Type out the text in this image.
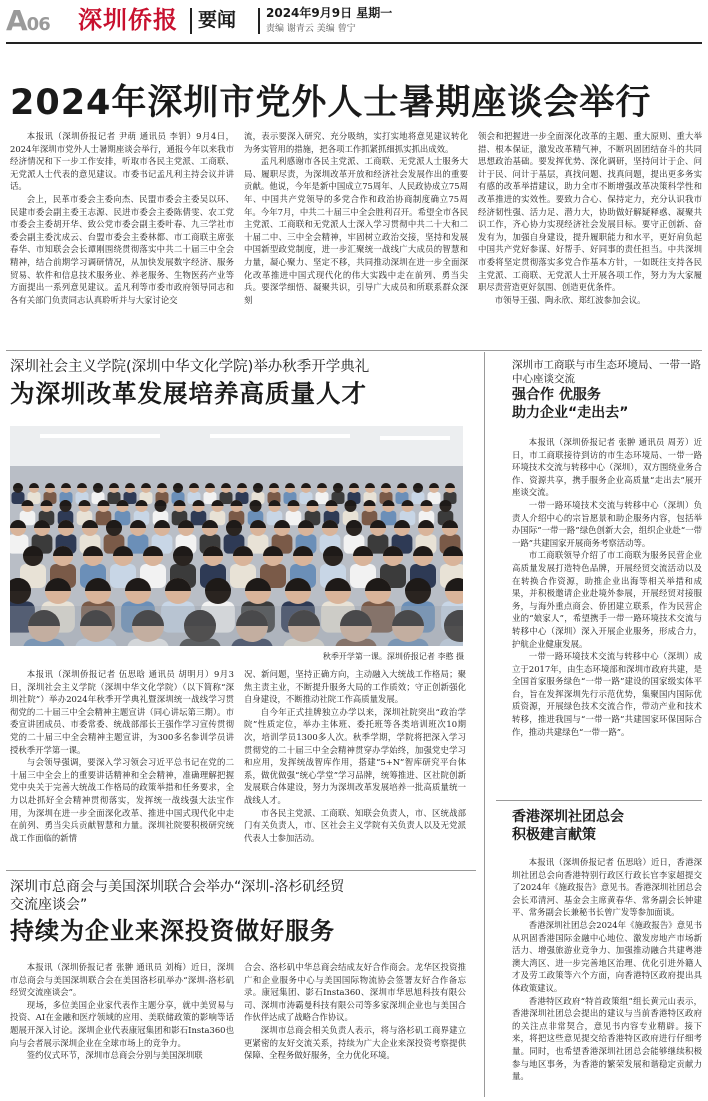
A06 深圳侨报 要闻 2024年9月9日 星期一
责编 谢青云 美编 曾宁
2024年深圳市党外人士暑期座谈会举行

本报讯（深圳侨报记者 尹萌 通讯员 李钥）9月4日，2024年深圳市党外人士暑期座谈会举行，通报今年以来我市经济情况和下一步工作安排，听取市各民主党派、工商联、无党派人士代表的意见建议。市委书记孟凡利主持会议并讲话。

会上，民革市委会主委向杰、民盟市委会主委吴以环、民建市委会副主委王志源、民进市委会主委陈倩雯、农工党市委会主委胡开华、致公党市委会副主委叶春、九三学社市委会副主委沈成云、台盟市委会主委林都、市工商联主席张春华、市知联会会长谭刚围绕贯彻落实中共二十届三中全会精神，结合前期学习调研情况，从加快发展数字经济、服务贸易、软件和信息技术服务业、养老服务、生物医药产业等方面提出一系列意见建议。孟凡利等市委市政府领导同志和各有关部门负责同志认真聆听并与大家讨论交

流，表示要深入研究、充分吸纳，实打实地将意见建议转化为务实管用的措施，把各项工作抓紧抓细抓实抓出成效。

孟凡利感谢市各民主党派、工商联、无党派人士服务大局、履职尽责，为深圳改革开放和经济社会发展作出的重要贡献。他说，今年是新中国成立75周年、人民政协成立75周年、中国共产党领导的多党合作和政治协商制度确立75周年。今年7月，中共二十届三中全会胜利召开。希望全市各民主党派、工商联和无党派人士深入学习贯彻中共二十大和二十届二中、三中全会精神，牢固树立政治交接，坚持和发展中国新型政党制度，进一步汇聚统一战线广大成员的智慧和力量，凝心聚力、坚定不移，共同推动深圳在进一步全面深化改革推进中国式现代化的伟大实践中走在前列、勇当尖兵。要深学细悟、凝聚共识，引导广大成员和所联系群众深刻

领会和把握进一步全面深化改革的主题、重大原则、重大举措、根本保证，激发改革精气神，不断巩固团结奋斗的共同思想政治基础。要发挥优势、深化调研，坚持问计于企、问计于民、问计于基层，真找问题、找真问题，提出更多务实有感的改革举措建议，助力全市不断增强改革决策科学性和改革推进的实效性。要致力合心、保持定力，充分认识我市经济韧性强、活力足、潜力大，协助做好解疑释惑、凝聚共识工作，齐心协力实现经济社会发展目标。要守正创新、奋发有为，加强自身建设，提升履职能力和水平，更好肩负起中国共产党好参谋、好帮手、好同事的责任担当。中共深圳市委将坚定贯彻落实多党合作基本方针，一如既往支持各民主党派、工商联、无党派人士开展各项工作，努力为大家履职尽责营造更好氛围、创造更优条件。

市领导王强、陶永欣、郑红波参加会议。

深圳社会主义学院(深圳中华文化学院)举办秋季开学典礼
为深圳改革发展培养高质量人才
秋季开学第一课。深圳侨报记者 李憨 摄

本报讯（深圳侨报记者 伍思晗 通讯员 胡明月）9月3日，深圳社会主义学院（深圳中华文化学院）（以下简称“深圳社院”）举办2024年秋季开学典礼暨深圳统一战线学习贯彻党的二十届三中全会精神主题宣讲（同心讲坛第三期）。市委宣讲团成员、市委常委、统战部部长王强作学习宣传贯彻党的二十届三中全会精神主题宣讲，为300多名参训学员讲授秋季开学第一课。

与会领导强调，要深入学习领会习近平总书记在党的二十届三中全会上的重要讲话精神和全会精神，准确理解把握党中央关于完善大统战工作格局的政策举措和任务要求，全力以赴抓好全会精神贯彻落实，发挥统一战线强大法宝作用，为深圳在进一步全面深化改革、推进中国式现代化中走在前列、勇当尖兵贡献智慧和力量。深圳社院要积极研究统战工作面临的新情

况、新问题，坚持正确方向，主动融入大统战工作格局；聚焦主责主业，不断提升服务大局的工作质效；守正创新强化自身建设，不断推动社院工作高质量发展。

自今年正式挂牌独立办学以来，深圳社院突出“政治学院”性质定位，举办主体班、委托班等各类培训班次10期次，培训学员1300多人次。秋季学期，学院将把深入学习贯彻党的二十届三中全会精神贯穿办学始终，加强党史学习和应用，发挥统战智库作用，搭建“5+N”智库研究平台体系，做优做强“统心学堂”学习品牌，统筹推进、区社院创新发展联合体建设，努力为深圳改革发展培养一批高质量统一战线人才。

市各民主党派、工商联、知联会负责人，市、区统战部门有关负责人，市、区社会主义学院有关负责人以及无党派代表人士参加活动。

深圳市总商会与美国深圳联合会举办“深圳-洛杉矶经贸
交流座谈会”
持续为企业来深投资做好服务

本报讯（深圳侨报记者 张翀 通讯员 刘梅）近日，深圳市总商会与美国深圳联合会在美国洛杉矶举办“深圳-洛杉矶经贸交流座谈会”。

现场，多位美国企业家代表作主题分享，就中美贸易与投资、AI在金融和医疗领域的应用、美联储政策的影响等话题展开深入讨论。深圳企业代表康冠集团和影石Insta360也向与会者展示深圳企业在全球市场上的竞争力。

签约仪式环节，深圳市总商会分别与美国深圳联

合会、洛杉矶中华总商会结成友好合作商会。龙华区投资推广和企业服务中心与美国国际物流协会签署友好合作备忘录。康冠集团、影石Insta360、深圳市华思旭科技有限公司、深圳市涛霸曼科技有限公司等多家深圳企业也与美国合作伙伴达成了战略合作协议。

深圳市总商会相关负责人表示，将与洛杉矶工商界建立更紧密的友好交流关系，持续为广大企业来深投资考察提供保障、全程务做好服务，全力优化环境。

深圳市工商联与市生态环境局、一带一路中心座谈交流
强合作 优服务
助力企业“走出去”

本报讯（深圳侨报记者 张翀 通讯员 周芳）近日，市工商联接待到访的市生态环境局、一带一路环境技术交流与转移中心（深圳），双方围绕业务合作、资源共享，携手服务企业高质量“走出去”展开座谈交流。

一带一路环境技术交流与转移中心（深圳）负责人介绍中心的宗旨愿景和助企服务内容，包括举办国际“一带一路”绿色创新大会，组织企业赴“一带一路”共建国家开展商务考察活动等。

市工商联领导介绍了市工商联为服务民营企业高质量发展打造特色品牌，开展经贸交流活动以及在转换合作资源，助推企业出海等相关举措和成果，并积极邀请企业赴境外参展，开展经贸对接服务，与海外重点商会、侨团建立联系，作为民营企业的“娘家人”，希望携手一带一路环境技术交流与转移中心（深圳）深入开展企业服务，形成合力，护航企业健康发展。

一带一路环境技术交流与转移中心（深圳）成立于2017年，由生态环境部和深圳市政府共建，是全国首家服务绿色“一带一路”建设的国家级实体平台，旨在发挥深圳先行示范优势，集聚国内国际优质资源，开展绿色技术交流合作，带动产业和技术转移，推进我国与“一带一路”共建国家环保国际合作，推动共建绿色“一带一路”。

香港深圳社团总会
积极建言献策

本报讯（深圳侨报记者 伍思晗）近日，香港深圳社团总会向香港特别行政区行政长官李家超提交了2024年《施政报告》意见书。香港深圳社团总会会长邓清河、基金会主席黄春华、常务副会长钟建平、常务副会长兼秘书长曾广发等参加面谈。

香港深圳社团总会2024年《施政报告》意见书从巩固香港国际金融中心地位、激发房地产市场新活力、增强旅游业竞争力、加强推动融合共建粤港澳大湾区、进一步完善地区治理、优化引进外籍人才及劳工政策等六个方面，向香港特区政府提出具体政策建议。

香港特区政府“特首政策组”组长黄元山表示，香港深圳社团总会提出的建议与当前香港特区政府的关注点非常契合，意见书内容专业精辟。接下来，将把这些意见提交给香港特区政府进行仔细考量。同时，也希望香港深圳社团总会能够继续积极参与地区事务，为香港的繁荣发展和谐稳定贡献力量。
